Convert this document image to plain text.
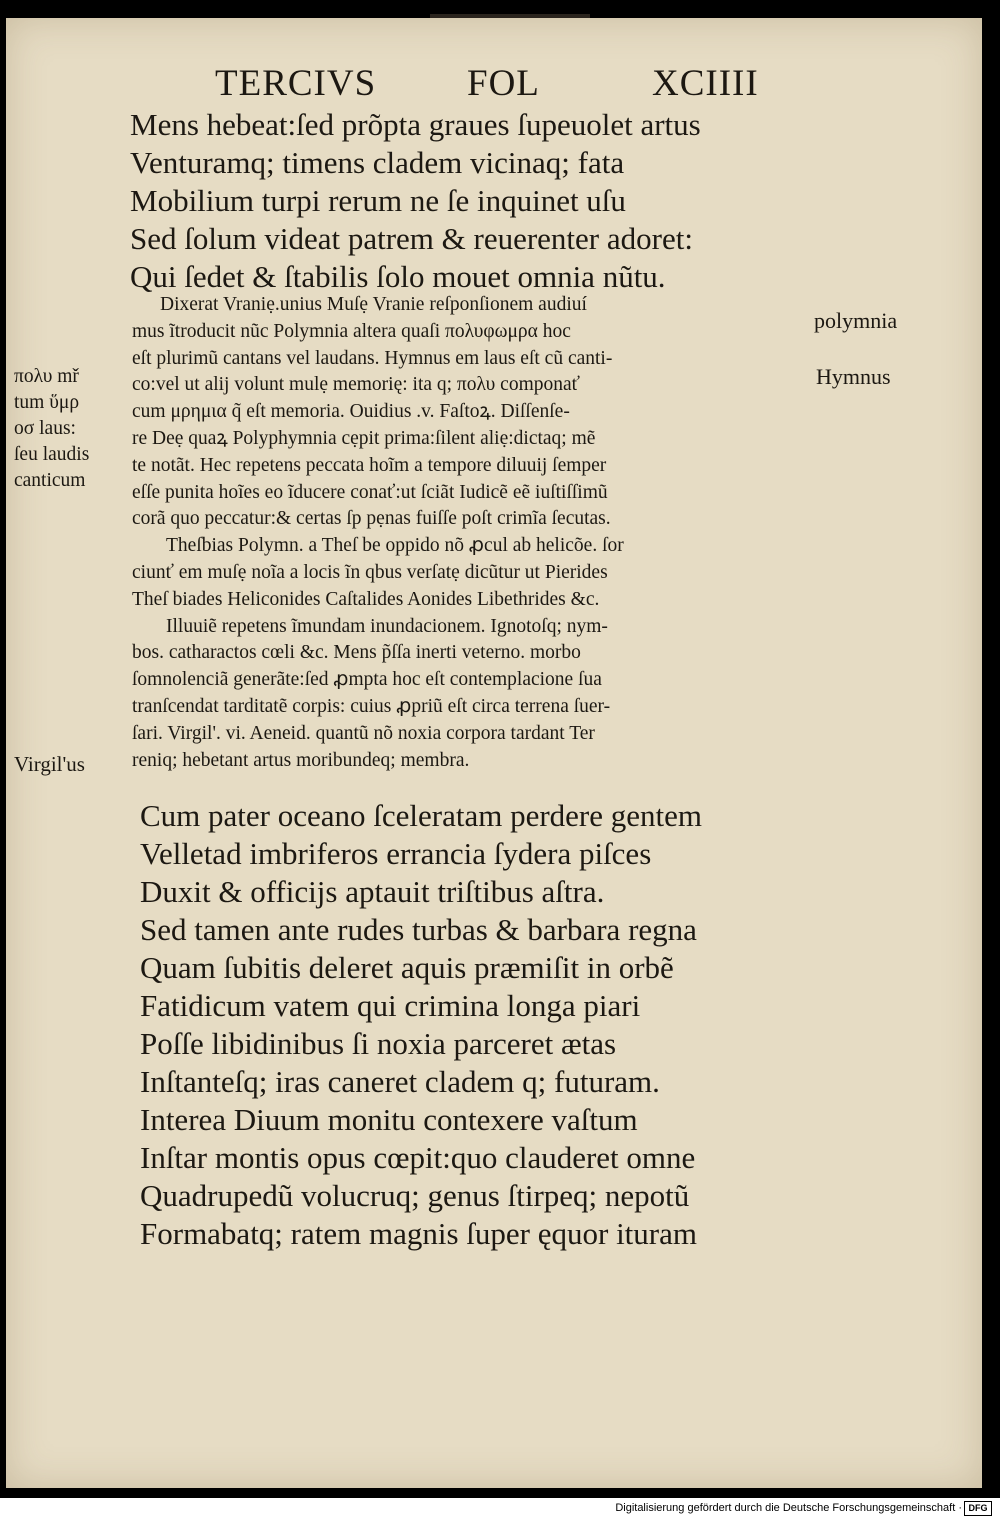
TERCIVS FOL	XCIIII
Mens hebeat:ſed prõpta graues ſupeuolet artus
Venturamq; timens cladem vicinaq; fata
Mobilium turpi rerum ne ſe inquinet uſu
Sed ſolum videat patrem & reuerenter adoret:
Qui ſedet & ſtabilis ſolo mouet omnia nũtu.
Dixerat Vraniẹ.unius Muſẹ Vranie reſponſionem audiuí
mus ĩtroducit nũc Polymnia altera quaſi πολυφωμρα hoc
eſt plurimũ cantans vel laudans. Hymnus em laus eſt cũ canti-
co:vel ut alij volunt mulẹ memorię: ita q; πολυ componať
cum μρημια q̃ eſt memoria. Ouidius .v. Faſtoꝝ. Diſſenſe-
re Deẹ quaꝝ Polyphymnia cẹpit prima:ſilent aliẹ:dictaq; mẽ
te notãt. Hec repetens peccata hoĩm a tempore diluuij ſemper
eſſe punita hoĩes eo ĩducere conať:ut ſciãt Iudicẽ eẽ iuſtiſſimũ
corã quo peccatur:& certas ſp pẹnas fuiſſe poſt crimĩa ſecutas.
Theſbias Polymn. a Theſ be oppido nõ ꝓcul ab helicõe. ſor
ciunť em muſẹ noĩa a locis ĩn qbus verſatẹ dicũtur ut Pierides
Theſ biades Heliconides Caſtalides Aonides Libethrides &c.
Illuuiẽ repetens ĩmundam inundacionem. Ignotoſq; nym-
bos. catharactos cœli &c. Mens p̃ſſa inerti veterno. morbo
ſomnolenciã generãte:ſed ꝓmpta hoc eſt contemplacione ſua
tranſcendat tarditatẽ corpis: cuius ꝓpriũ eſt circa terrena ſuer-
ſari. Virgil'. vi. Aeneid. quantũ nõ noxia corpora tardant Ter
reniq; hebetant artus moribundeq; membra.
Cum pater oceano ſceleratam perdere gentem
Velletad imbriferos errancia ſydera piſces
Duxit & officijs aptauit triſtibus aſtra.
Sed tamen ante rudes turbas & barbara regna
Quam ſubitis deleret aquis præmiſit in orbẽ
Fatidicum vatem qui crimina longa piari
Poſſe libidinibus ſi noxia parceret ætas
Inſtanteſq; iras caneret cladem q; futuram.
Interea Diuum monitu contexere vaſtum
Inſtar montis opus cœpit:quo clauderet omne
Quadrupedũ volucruq; genus ſtirpeq; nepotũ
Formabatq; ratem magnis ſuper ęquor ituram
polymnia
Hymnus
πολυ mř
tum ὕμρ
οσ laus:
ſeu laudis
canticum
Virgil'us
Digitalisierung gefördert durch die Deutsche Forschungsgemeinschaft · DFG
